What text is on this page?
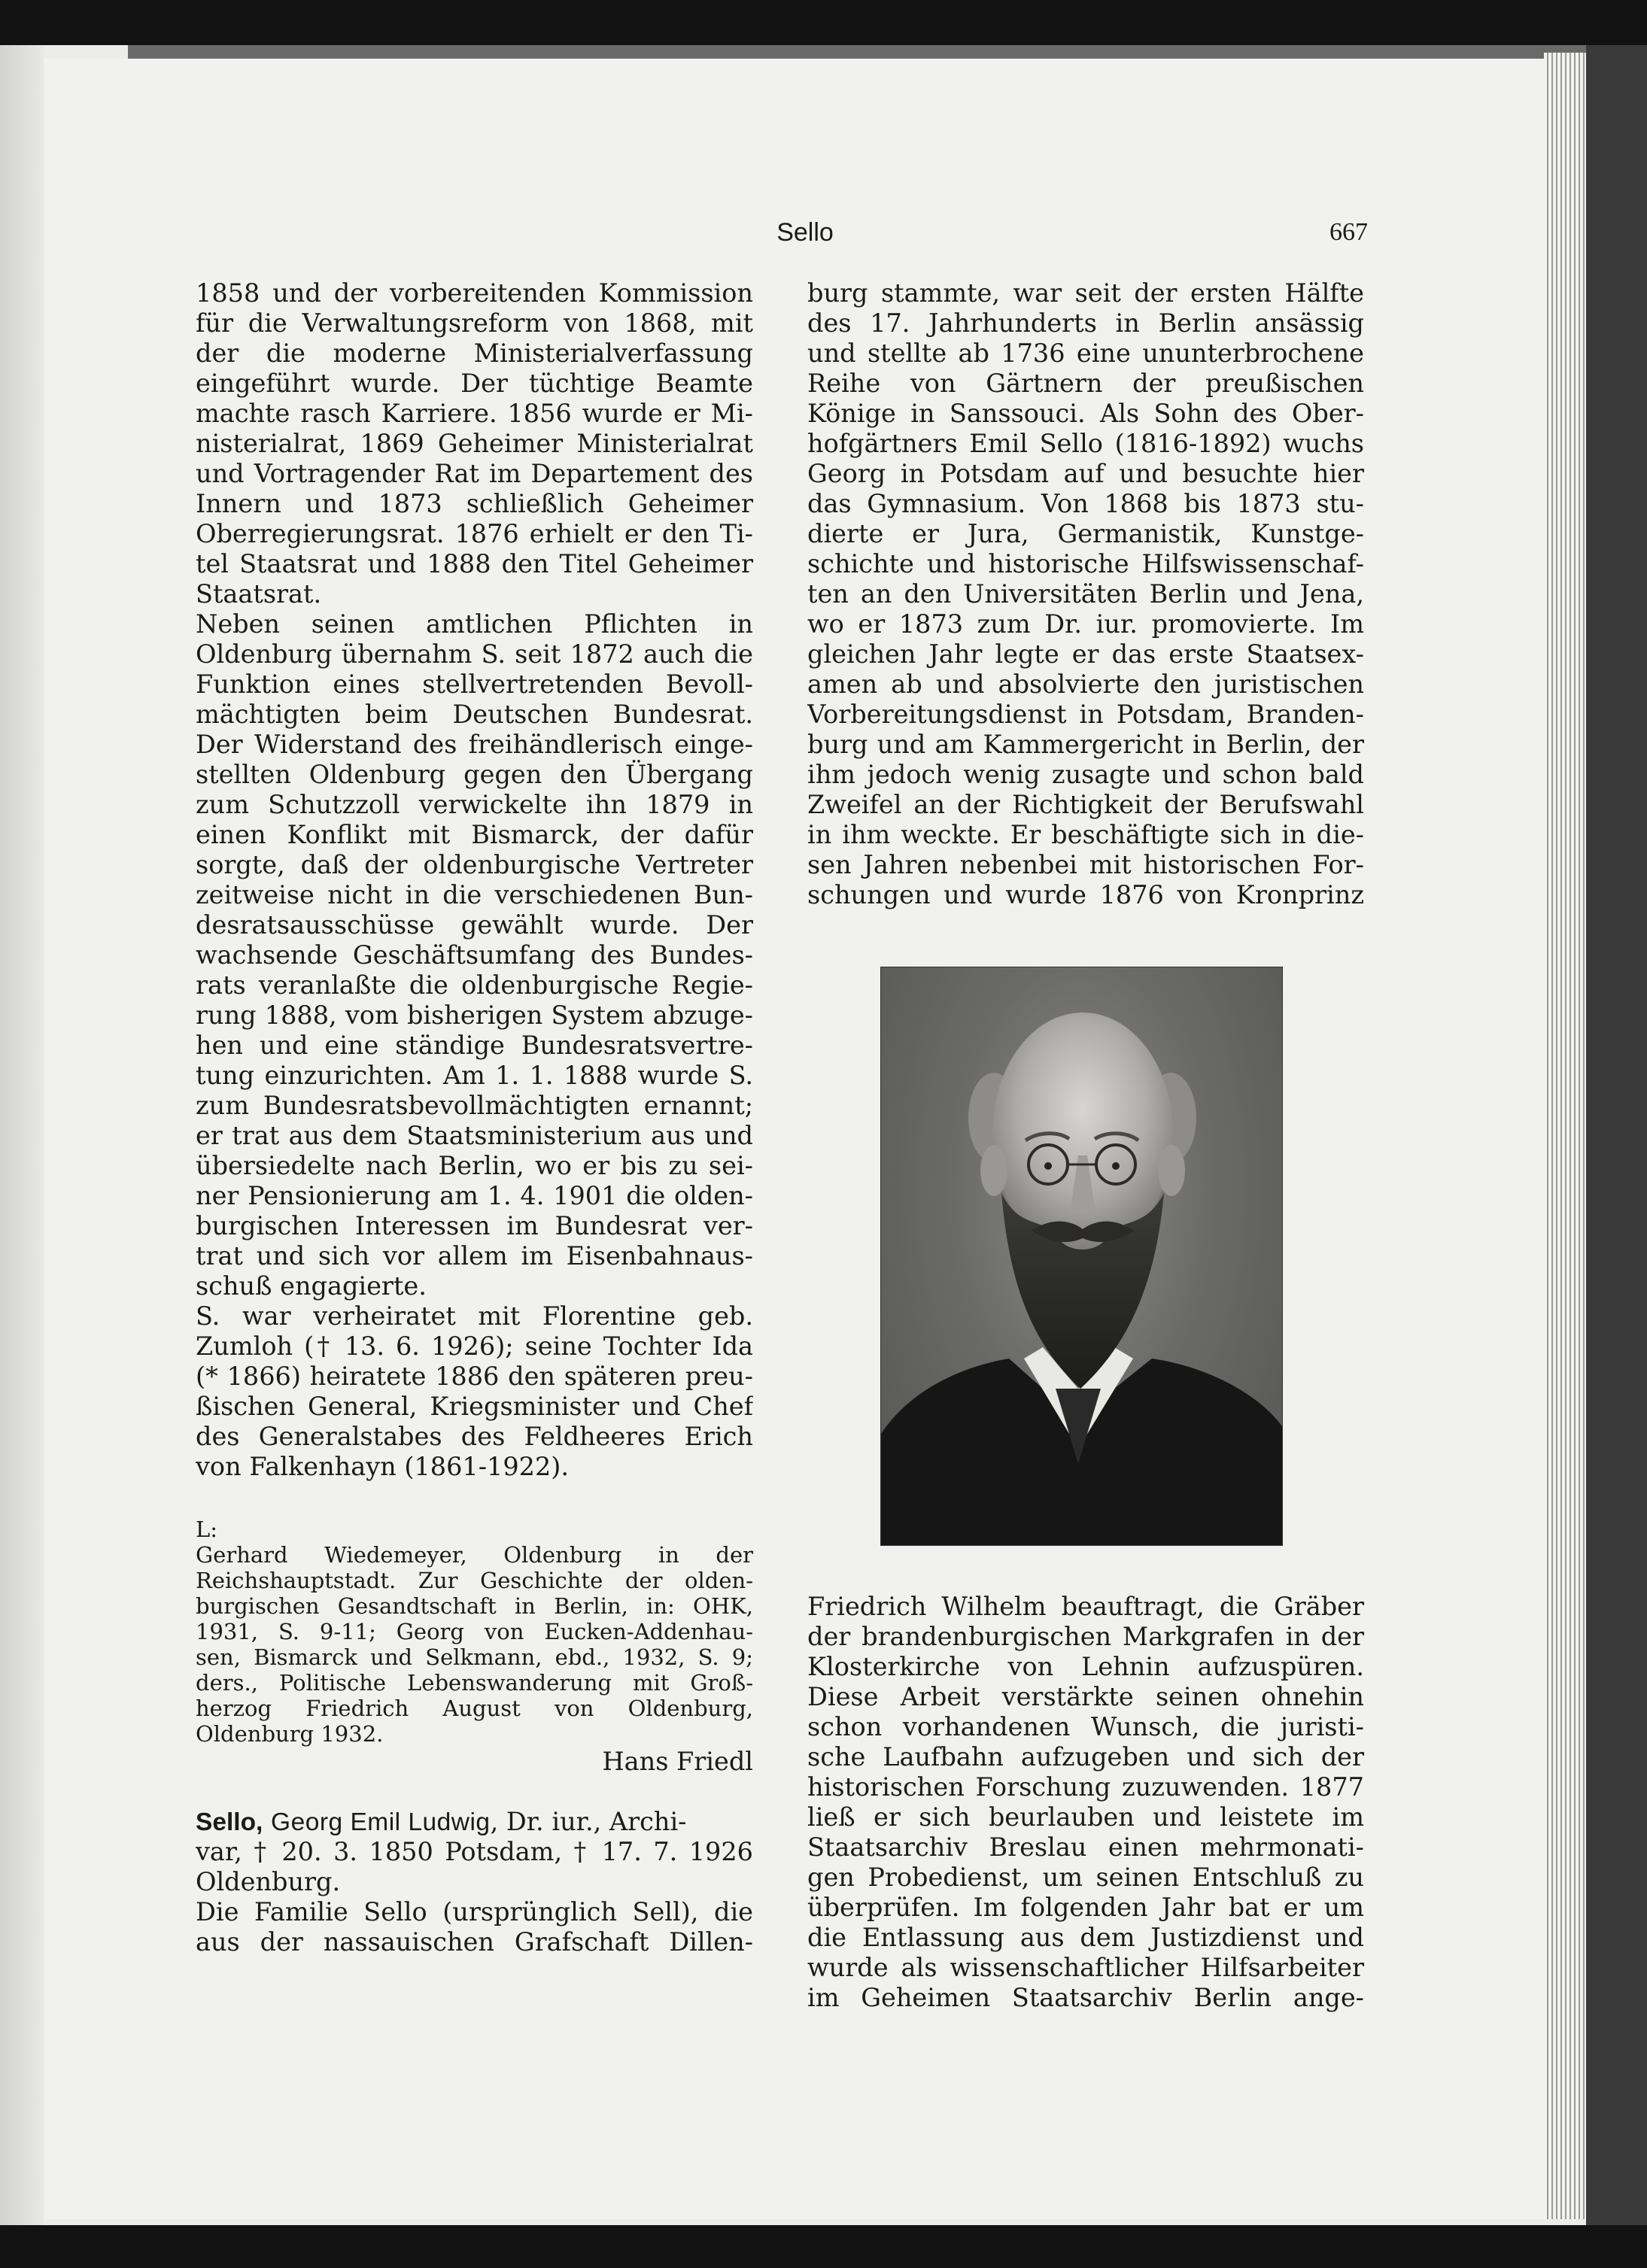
Sello	667
1858 und der vorbereitenden Kommission
für die Verwaltungsreform von 1868, mit
der die moderne Ministerialverfassung
eingeführt wurde. Der tüchtige Beamte
machte rasch Karriere. 1856 wurde er Mi-
nisterialrat, 1869 Geheimer Ministerialrat
und Vortragender Rat im Departement des
Innern und 1873 schließlich Geheimer
Oberregierungsrat. 1876 erhielt er den Ti-
tel Staatsrat und 1888 den Titel Geheimer
Staatsrat.
Neben seinen amtlichen Pflichten in
Oldenburg übernahm S. seit 1872 auch die
Funktion eines stellvertretenden Bevoll-
mächtigten beim Deutschen Bundesrat.
Der Widerstand des freihändlerisch einge-
stellten Oldenburg gegen den Übergang
zum Schutzzoll verwickelte ihn 1879 in
einen Konflikt mit Bismarck, der dafür
sorgte, daß der oldenburgische Vertreter
zeitweise nicht in die verschiedenen Bun-
desratsausschüsse gewählt wurde. Der
wachsende Geschäftsumfang des Bundes-
rats veranlaßte die oldenburgische Regie-
rung 1888, vom bisherigen System abzuge-
hen und eine ständige Bundesratsvertre-
tung einzurichten. Am 1. 1. 1888 wurde S.
zum Bundesratsbevollmächtigten ernannt;
er trat aus dem Staatsministerium aus und
übersiedelte nach Berlin, wo er bis zu sei-
ner Pensionierung am 1. 4. 1901 die olden-
burgischen Interessen im Bundesrat ver-
trat und sich vor allem im Eisenbahnaus-
schuß engagierte.
S. war verheiratet mit Florentine geb.
Zumloh († 13. 6. 1926); seine Tochter Ida
(* 1866) heiratete 1886 den späteren preu-
ßischen General, Kriegsminister und Chef
des Generalstabes des Feldheeres Erich
von Falkenhayn (1861-1922).
L:
Gerhard Wiedemeyer, Oldenburg in der
Reichshauptstadt. Zur Geschichte der olden-
burgischen Gesandtschaft in Berlin, in: OHK,
1931, S. 9-11; Georg von Eucken-Addenhau-
sen, Bismarck und Selkmann, ebd., 1932, S. 9;
ders., Politische Lebenswanderung mit Groß-
herzog Friedrich August von Oldenburg,
Oldenburg 1932.
Hans Friedl
Sello, Georg Emil Ludwig, Dr. iur., Archi-
var, † 20. 3. 1850 Potsdam, † 17. 7. 1926
Oldenburg.
Die Familie Sello (ursprünglich Sell), die
aus der nassauischen Grafschaft Dillen-
burg stammte, war seit der ersten Hälfte
des 17. Jahrhunderts in Berlin ansässig
und stellte ab 1736 eine ununterbrochene
Reihe von Gärtnern der preußischen
Könige in Sanssouci. Als Sohn des Ober-
hofgärtners Emil Sello (1816-1892) wuchs
Georg in Potsdam auf und besuchte hier
das Gymnasium. Von 1868 bis 1873 stu-
dierte er Jura, Germanistik, Kunstge-
schichte und historische Hilfswissenschaf-
ten an den Universitäten Berlin und Jena,
wo er 1873 zum Dr. iur. promovierte. Im
gleichen Jahr legte er das erste Staatsex-
amen ab und absolvierte den juristischen
Vorbereitungsdienst in Potsdam, Branden-
burg und am Kammergericht in Berlin, der
ihm jedoch wenig zusagte und schon bald
Zweifel an der Richtigkeit der Berufswahl
in ihm weckte. Er beschäftigte sich in die-
sen Jahren nebenbei mit historischen For-
schungen und wurde 1876 von Kronprinz
Friedrich Wilhelm beauftragt, die Gräber
der brandenburgischen Markgrafen in der
Klosterkirche von Lehnin aufzuspüren.
Diese Arbeit verstärkte seinen ohnehin
schon vorhandenen Wunsch, die juristi-
sche Laufbahn aufzugeben und sich der
historischen Forschung zuzuwenden. 1877
ließ er sich beurlauben und leistete im
Staatsarchiv Breslau einen mehrmonati-
gen Probedienst, um seinen Entschluß zu
überprüfen. Im folgenden Jahr bat er um
die Entlassung aus dem Justizdienst und
wurde als wissenschaftlicher Hilfsarbeiter
im Geheimen Staatsarchiv Berlin ange-
